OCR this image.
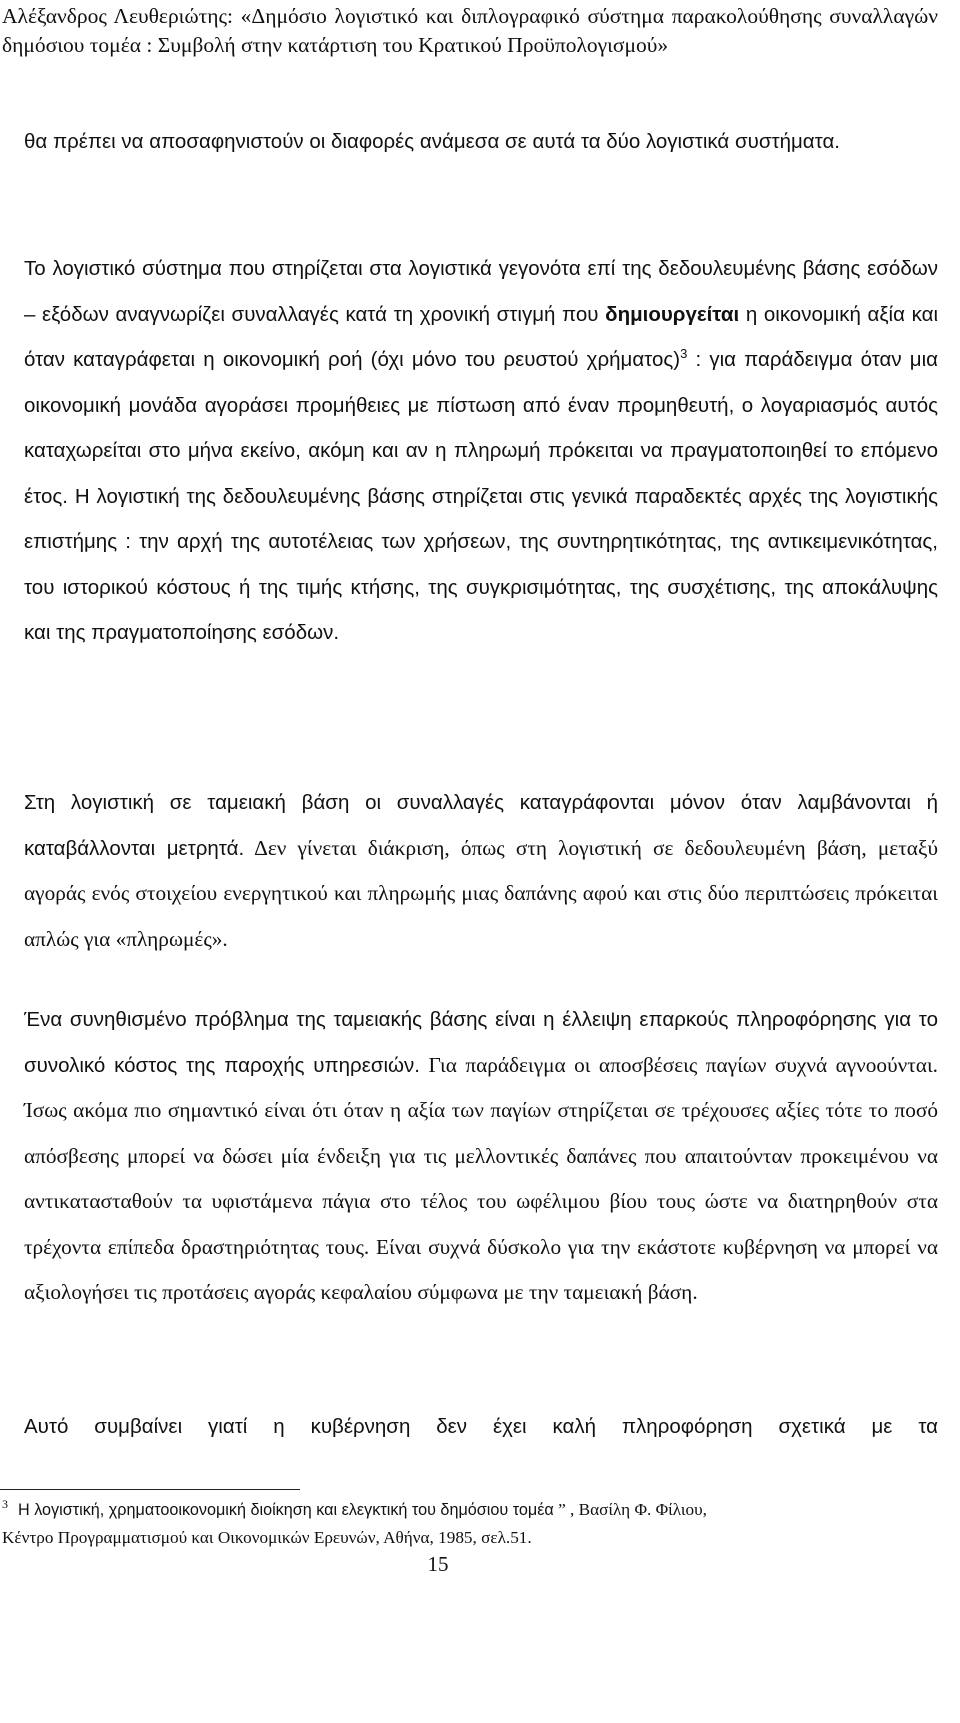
Αλέξανδρος Λευθεριώτης: «Δημόσιο λογιστικό και διπλογραφικό σύστημα παρακολούθησης συναλλαγών δημόσιου τομέα : Συμβολή στην κατάρτιση του Κρατικού Προϋπολογισμού»

θα πρέπει να αποσαφηνιστούν οι διαφορές ανάμεσα σε αυτά τα δύο λογιστικά συστήματα.

Το λογιστικό σύστημα που στηρίζεται στα λογιστικά γεγονότα επί της δεδουλευμένης βάσης εσόδων – εξόδων αναγνωρίζει συναλλαγές κατά τη χρονική στιγμή που δημιουργείται η οικονομική αξία και όταν καταγράφεται η οικονομική ροή (όχι μόνο του ρευστού χρήματος)$^3$ : για παράδειγμα όταν μια οικονομική μονάδα αγοράσει προμήθειες με πίστωση από έναν προμηθευτή, ο λογαριασμός αυτός καταχωρείται στο μήνα εκείνο, ακόμη και αν η πληρωμή πρόκειται να πραγματοποιηθεί το επόμενο έτος. Η λογιστική της δεδουλευμένης βάσης στηρίζεται στις γενικά παραδεκτές αρχές της λογιστικής επιστήμης : την αρχή της αυτοτέλειας των χρήσεων, της συντηρητικότητας, της αντικειμενικότητας, του ιστορικού κόστους ή της τιμής κτήσης, της συγκρισιμότητας, της συσχέτισης, της αποκάλυψης και της πραγματοποίησης εσόδων.

Στη λογιστική σε ταμειακή βάση οι συναλλαγές καταγράφονται μόνον όταν λαμβάνονται ή καταβάλλονται μετρητά. Δεν γίνεται διάκριση, όπως στη λογιστική σε δεδουλευμένη βάση, μεταξύ αγοράς ενός στοιχείου ενεργητικού και πληρωμής μιας δαπάνης αφού και στις δύο περιπτώσεις πρόκειται απλώς για «πληρωμές».

Ένα συνηθισμένο πρόβλημα της ταμειακής βάσης είναι η έλλειψη επαρκούς πληροφόρησης για το συνολικό κόστος της παροχής υπηρεσιών. Για παράδειγμα οι αποσβέσεις παγίων συχνά αγνοούνται. Ίσως ακόμα πιο σημαντικό είναι ότι όταν η αξία των παγίων στηρίζεται σε τρέχουσες αξίες τότε το ποσό απόσβεσης μπορεί να δώσει μία ένδειξη για τις μελλοντικές δαπάνες που απαιτούνταν προκειμένου να αντικατασταθούν τα υφιστάμενα πάγια στο τέλος του ωφέλιμου βίου τους ώστε να διατηρηθούν στα τρέχοντα επίπεδα δραστηριότητας τους. Είναι συχνά δύσκολο για την εκάστοτε κυβέρνηση να μπορεί να αξιολογήσει τις προτάσεις αγοράς κεφαλαίου σύμφωνα με την ταμειακή βάση.

Αυτό συμβαίνει γιατί η κυβέρνηση δεν έχει καλή πληροφόρηση σχετικά με τα

$^3$ Η λογιστική, χρηματοοικονομική διοίκηση και ελεγκτική του δημόσιου τομέα ” , Βασίλη Φ. Φίλιου,
Κέντρο Προγραμματισμού και Οικονομικών Ερευνών, Αθήνα, 1985, σελ.51.

15
